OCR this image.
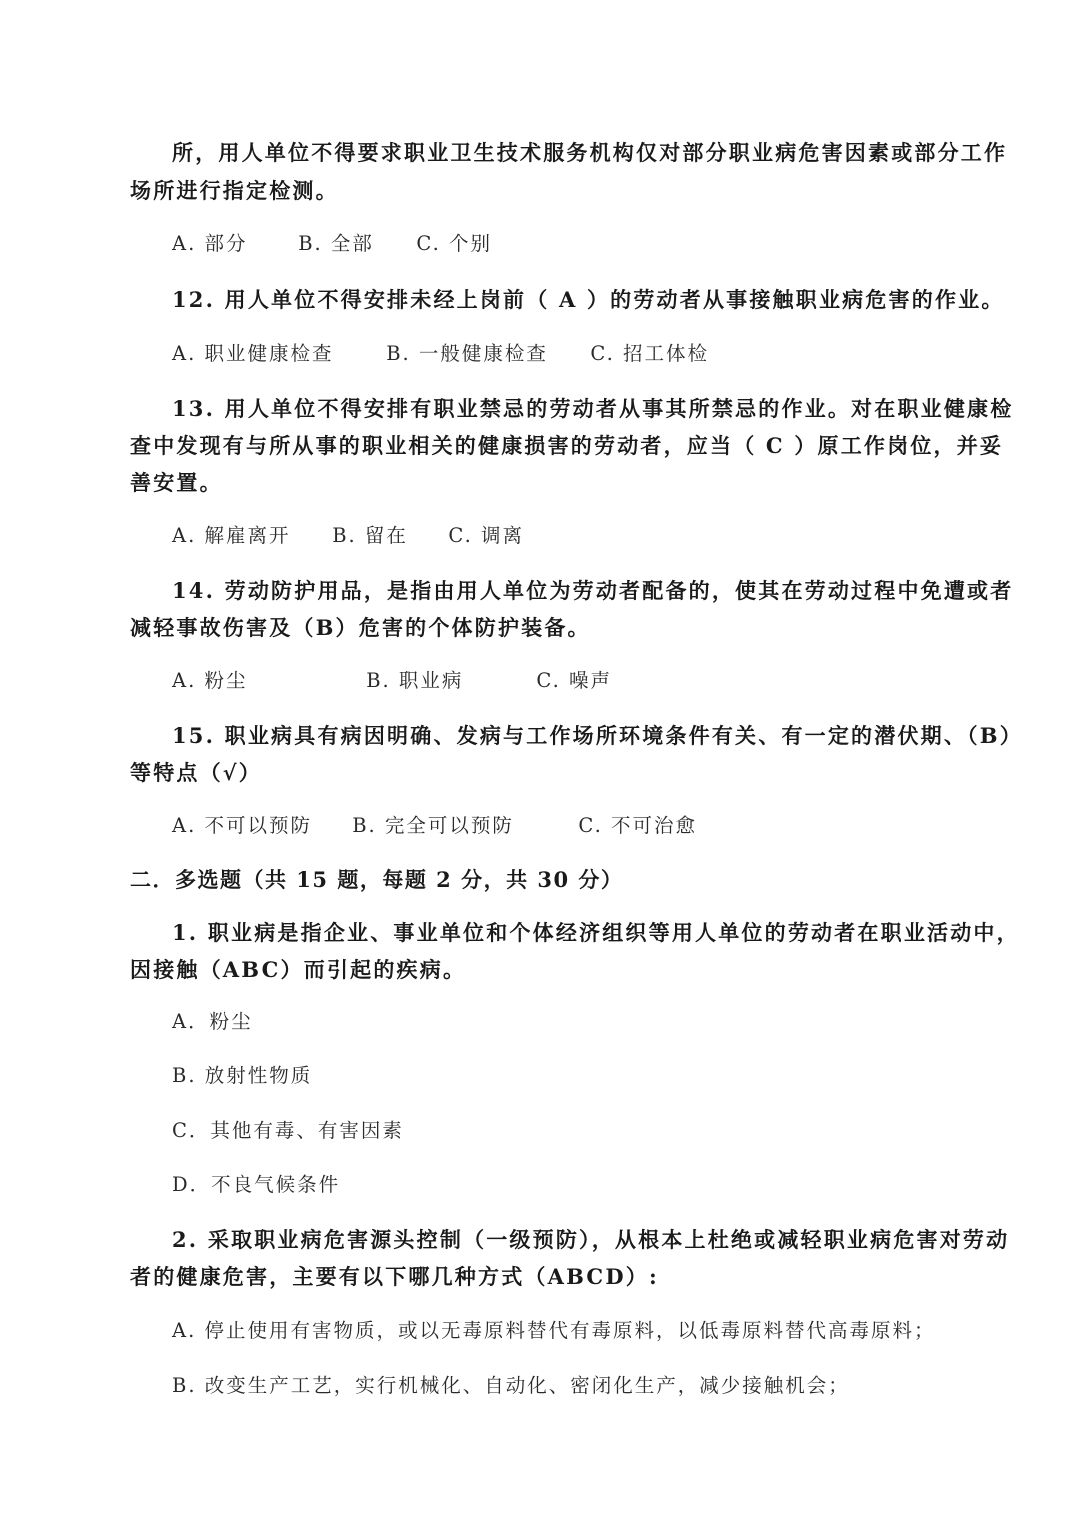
所，用人单位不得要求职业卫生技术服务机构仅对部分职业病危害因素或部分工作
场所进行指定检测。
A. 部分	B. 全部 C. 个别
12. 用人单位不得安排未经上岗前（ A ）的劳动者从事接触职业病危害的作业。
A. 职业健康检查	B. 一般健康检查 C. 招工体检
13. 用人单位不得安排有职业禁忌的劳动者从事其所禁忌的作业。对在职业健康检
查中发现有与所从事的职业相关的健康损害的劳动者，应当（ C ）原工作岗位，并妥
善安置。
A. 解雇离开 B. 留在 C. 调离
14. 劳动防护用品，是指由用人单位为劳动者配备的，使其在劳动过程中免遭或者
减轻事故伤害及（B）危害的个体防护装备。
A. 粉尘	B. 职业病	C. 噪声
15. 职业病具有病因明确、发病与工作场所环境条件有关、有一定的潜伏期、（B）
等特点（√）
A. 不可以预防 B. 完全可以预防	C. 不可治愈
二．多选题（共 15 题，每题 2 分，共 30 分）
1. 职业病是指企业、事业单位和个体经济组织等用人单位的劳动者在职业活动中，
因接触（ABC）而引起的疾病。
A．粉尘
B. 放射性物质
C．其他有毒、有害因素
D．不良气候条件
2. 采取职业病危害源头控制（一级预防），从根本上杜绝或减轻职业病危害对劳动
者的健康危害，主要有以下哪几种方式（ABCD）:
A. 停止使用有害物质，或以无毒原料替代有毒原料，以低毒原料替代高毒原料；
B. 改变生产工艺，实行机械化、自动化、密闭化生产，减少接触机会；
